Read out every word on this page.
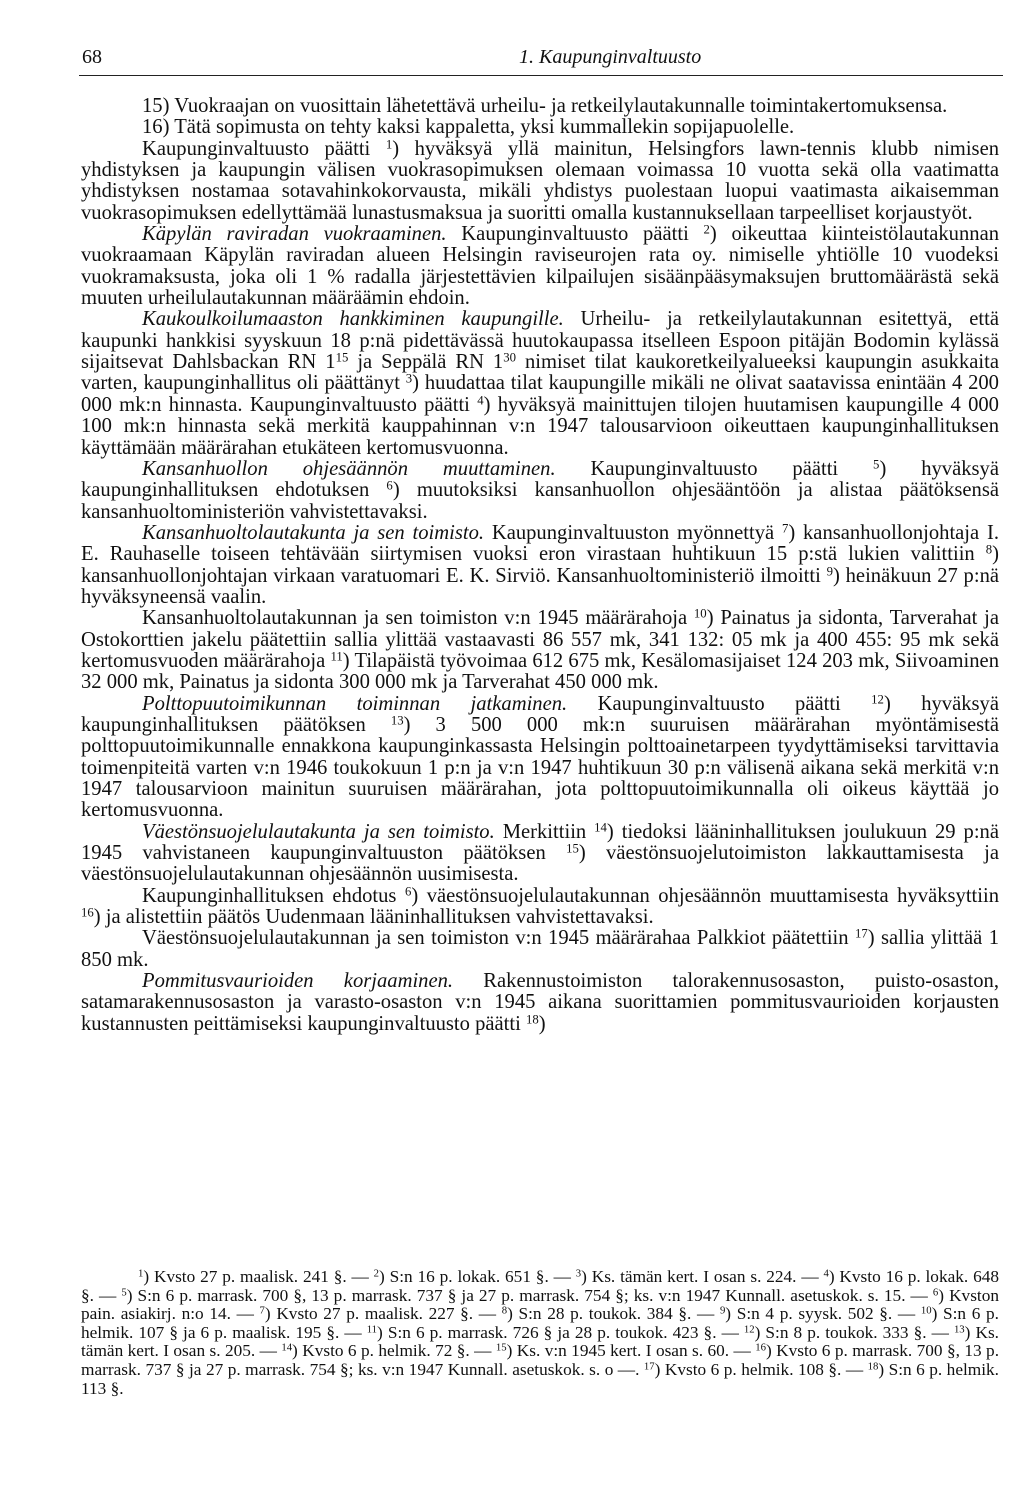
68	1. Kaupunginvaltuusto

15) Vuokraajan on vuosittain lähetettävä urheilu- ja retkeilylautakunnalle toimintakertomuksensa.

16) Tätä sopimusta on tehty kaksi kappaletta, yksi kummallekin sopijapuolelle.

Kaupunginvaltuusto päätti $^1$) hyväksyä yllä mainitun, Helsingfors lawn-tennis klubb nimisen yhdistyksen ja kaupungin välisen vuokrasopimuksen olemaan voimassa 10 vuotta sekä olla vaatimatta yhdistyksen nostamaa sotavahinkokorvausta, mikäli yhdistys puolestaan luopui vaatimasta aikaisemman vuokrasopimuksen edellyttämää lunastusmaksua ja suoritti omalla kustannuksellaan tarpeelliset korjaustyöt.

Käpylän raviradan vuokraaminen. Kaupunginvaltuusto päätti $^2$) oikeuttaa kiinteistölautakunnan vuokraamaan Käpylän raviradan alueen Helsingin raviseurojen rata oy. nimiselle yhtiölle 10 vuodeksi vuokramaksusta, joka oli 1 % radalla järjestettävien kilpailujen sisäänpääsymaksujen bruttomäärästä sekä muuten urheilulautakunnan määräämin ehdoin.

Kaukoulkoilumaaston hankkiminen kaupungille. Urheilu- ja retkeilylautakunnan esitettyä, että kaupunki hankkisi syyskuun 18 p:nä pidettävässä huutokaupassa itselleen Espoon pitäjän Bodomin kylässä sijaitsevat Dahlsbackan RN $1^{15}$ ja Seppälä RN $1^{30}$ nimiset tilat kaukoretkeilyalueeksi kaupungin asukkaita varten, kaupunginhallitus oli päättänyt $^3$) huudattaa tilat kaupungille mikäli ne olivat saatavissa enintään 4 200 000 mk:n hinnasta. Kaupunginvaltuusto päätti $^4$) hyväksyä mainittujen tilojen huutamisen kaupungille 4 000 100 mk:n hinnasta sekä merkitä kauppahinnan v:n 1947 talousarvioon oikeuttaen kaupunginhallituksen käyttämään määrärahan etukäteen kertomusvuonna.

Kansanhuollon ohjesäännön muuttaminen. Kaupunginvaltuusto päätti $^5$) hyväksyä kaupunginhallituksen ehdotuksen $^6$) muutoksiksi kansanhuollon ohjesääntöön ja alistaa päätöksensä kansanhuoltoministeriön vahvistettavaksi.

Kansanhuoltolautakunta ja sen toimisto. Kaupunginvaltuuston myönnettyä $^7$) kansanhuollonjohtaja I. E. Rauhaselle toiseen tehtävään siirtymisen vuoksi eron virastaan huhtikuun 15 p:stä lukien valittiin $^8$) kansanhuollonjohtajan virkaan varatuomari E. K. Sirviö. Kansanhuoltoministeriö ilmoitti $^9$) heinäkuun 27 p:nä hyväksyneensä vaalin.

Kansanhuoltolautakunnan ja sen toimiston v:n 1945 määrärahoja $^{10}$) Painatus ja sidonta, Tarverahat ja Ostokorttien jakelu päätettiin sallia ylittää vastaavasti 86 557 mk, 341 132: 05 mk ja 400 455: 95 mk sekä kertomusvuoden määrärahoja $^{11}$) Tilapäistä työvoimaa 612 675 mk, Kesälomasijaiset 124 203 mk, Siivoaminen 32 000 mk, Painatus ja sidonta 300 000 mk ja Tarverahat 450 000 mk.

Polttopuutoimikunnan toiminnan jatkaminen. Kaupunginvaltuusto päätti $^{12}$) hyväksyä kaupunginhallituksen päätöksen $^{13}$) 3 500 000 mk:n suuruisen määrärahan myöntämisestä polttopuutoimikunnalle ennakkona kaupunginkassasta Helsingin polttoainetarpeen tyydyttämiseksi tarvittavia toimenpiteitä varten v:n 1946 toukokuun 1 p:n ja v:n 1947 huhtikuun 30 p:n välisenä aikana sekä merkitä v:n 1947 talousarvioon mainitun suuruisen määrärahan, jota polttopuutoimikunnalla oli oikeus käyttää jo kertomusvuonna.

Väestönsuojelulautakunta ja sen toimisto. Merkittiin $^{14}$) tiedoksi lääninhallituksen joulukuun 29 p:nä 1945 vahvistaneen kaupunginvaltuuston päätöksen $^{15}$) väestönsuojelutoimiston lakkauttamisesta ja väestönsuojelulautakunnan ohjesäännön uusimisesta.

Kaupunginhallituksen ehdotus $^6$) väestönsuojelulautakunnan ohjesäännön muuttamisesta hyväksyttiin $^{16}$) ja alistettiin päätös Uudenmaan lääninhallituksen vahvistettavaksi.

Väestönsuojelulautakunnan ja sen toimiston v:n 1945 määrärahaa Palkkiot päätettiin $^{17}$) sallia ylittää 1 850 mk.

Pommitusvaurioiden korjaaminen. Rakennustoimiston talorakennusosaston, puisto-osaston, satamarakennusosaston ja varasto-osaston v:n 1945 aikana suorittamien pommitusvaurioiden korjausten kustannusten peittämiseksi kaupunginvaltuusto päätti $^{18}$)

$^1$) Kvsto 27 p. maalisk. 241 §. — $^2$) S:n 16 p. lokak. 651 §. — $^3$) Ks. tämän kert. I osan s. 224. — $^4$) Kvsto 16 p. lokak. 648 §. — $^5$) S:n 6 p. marrask. 700 §, 13 p. marrask. 737 § ja 27 p. marrask. 754 §; ks. v:n 1947 Kunnall. asetuskok. s. 15. — $^6$) Kvston pain. asiakirj. n:o 14. — $^7$) Kvsto 27 p. maalisk. 227 §. — $^8$) S:n 28 p. toukok. 384 §. — $^9$) S:n 4 p. syysk. 502 §. — $^{10}$) S:n 6 p. helmik. 107 § ja 6 p. maalisk. 195 §. — $^{11}$) S:n 6 p. marrask. 726 § ja 28 p. toukok. 423 §. — $^{12}$) S:n 8 p. toukok. 333 §. — $^{13}$) Ks. tämän kert. I osan s. 205. — $^{14}$) Kvsto 6 p. helmik. 72 §. — $^{15}$) Ks. v:n 1945 kert. I osan s. 60. — $^{16}$) Kvsto 6 p. marrask. 700 §, 13 p. marrask. 737 § ja 27 p. marrask. 754 §; ks. v:n 1947 Kunnall. asetuskok. s. o —. $^{17}$) Kvsto 6 p. helmik. 108 §. — $^{18}$) S:n 6 p. helmik. 113 §.
